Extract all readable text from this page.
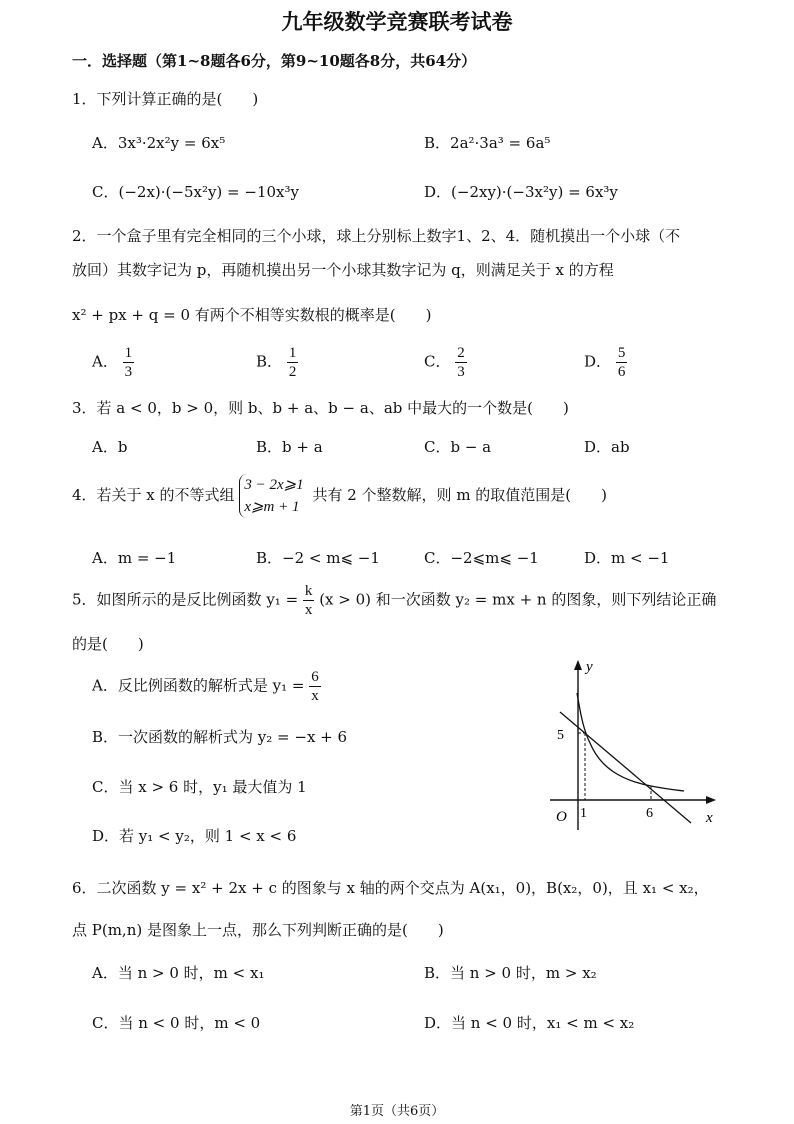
九年级数学竞赛联考试卷
一．选择题（第1~8题各6分，第9~10题各8分，共64分）
1．下列计算正确的是(　　)
A．3x³·2x²y = 6x⁵	B．2a²·3a³ = 6a⁵
C．(−2x)·(−5x²y) = −10x³y	D．(−2xy)·(−3x²y) = 6x³y
2．一个盒子里有完全相同的三个小球，球上分别标上数字1、2、4．随机摸出一个小球（不
放回）其数字记为 p，再随机摸出另一个小球其数字记为 q，则满足关于 x 的方程
x² + px + q = 0 有两个不相等实数根的概率是(　　)
A． $\frac{1}{3}$	B． $\frac{1}{2}$	C． $\frac{2}{3}$	D． $\frac{5}{6}$
3．若 a < 0，b > 0，则 b、b + a、b − a、ab 中最大的一个数是(　　)
A．b	B．b + a	C．b − a	D．ab
4．若关于 x 的不等式组
3 − 2x⩾1
x⩾m + 1
共有 2 个整数解，则 m 的取值范围是(　　)
A．m = −1	B．−2 < m⩽ −1	C．−2⩽m⩽ −1	D．m < −1
5．如图所示的是反比例函数 $y_1 = \frac{k}{x} (x > 0)$ 和一次函数 y₂ = mx + n 的图象，则下列结论正确
的是(　　)
A．反比例函数的解析式是 $y_1 = \frac{6}{x}$
B．一次函数的解析式为 y₂ = −x + 6
C．当 x > 6 时，y₁ 最大值为 1
D．若 y₁ < y₂，则 1 < x < 6
y
x
O
5
1	6
6．二次函数 y = x² + 2x + c 的图象与 x 轴的两个交点为 A(x₁，0)，B(x₂，0)，且 x₁ < x₂，
点 P(m,n) 是图象上一点，那么下列判断正确的是(　　)
A．当 n > 0 时，m < x₁	B．当 n > 0 时，m > x₂
C．当 n < 0 时，m < 0	D．当 n < 0 时，x₁ < m < x₂
第1页（共6页）
